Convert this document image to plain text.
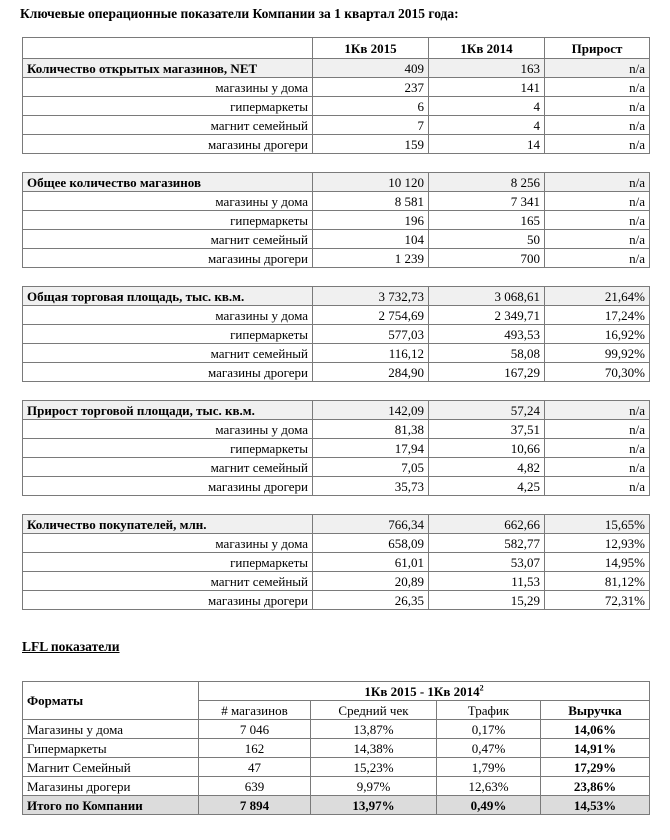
Ключевые операционные показатели Компании за 1 квартал 2015 года:
	1Кв 2015	1Кв 2014	Прирост
Количество открытых магазинов, NET	409	163	n/a
магазины у дома	237	141	n/a
гипермаркеты	6	4	n/a
магнит семейный	7	4	n/a
магазины дрогери	159	14	n/a

Общее количество магазинов	10 120	8 256	n/a
магазины у дома	8 581	7 341	n/a
гипермаркеты	196	165	n/a
магнит семейный	104	50	n/a
магазины дрогери	1 239	700	n/a

Общая торговая площадь, тыс. кв.м.	3 732,73	3 068,61	21,64%
магазины у дома	2 754,69	2 349,71	17,24%
гипермаркеты	577,03	493,53	16,92%
магнит семейный	116,12	58,08	99,92%
магазины дрогери	284,90	167,29	70,30%

Прирост торговой площади, тыс. кв.м.	142,09	57,24	n/a
магазины у дома	81,38	37,51	n/a
гипермаркеты	17,94	10,66	n/a
магнит семейный	7,05	4,82	n/a
магазины дрогери	35,73	4,25	n/a

Количество покупателей, млн.	766,34	662,66	15,65%
магазины у дома	658,09	582,77	12,93%
гипермаркеты	61,01	53,07	14,95%
магнит семейный	20,89	11,53	81,12%
магазины дрогери	26,35	15,29	72,31%
LFL показатели
Форматы	1Кв 2015 - 1Кв 2014$^2$
	# магазинов	Средний чек	Трафик	Выручка
Магазины у дома	7 046	13,87%	0,17%	14,06%
Гипермаркеты	162	14,38%	0,47%	14,91%
Магнит Семейный	47	15,23%	1,79%	17,29%
Магазины дрогери	639	9,97%	12,63%	23,86%
Итого по Компании	7 894	13,97%	0,49%	14,53%
